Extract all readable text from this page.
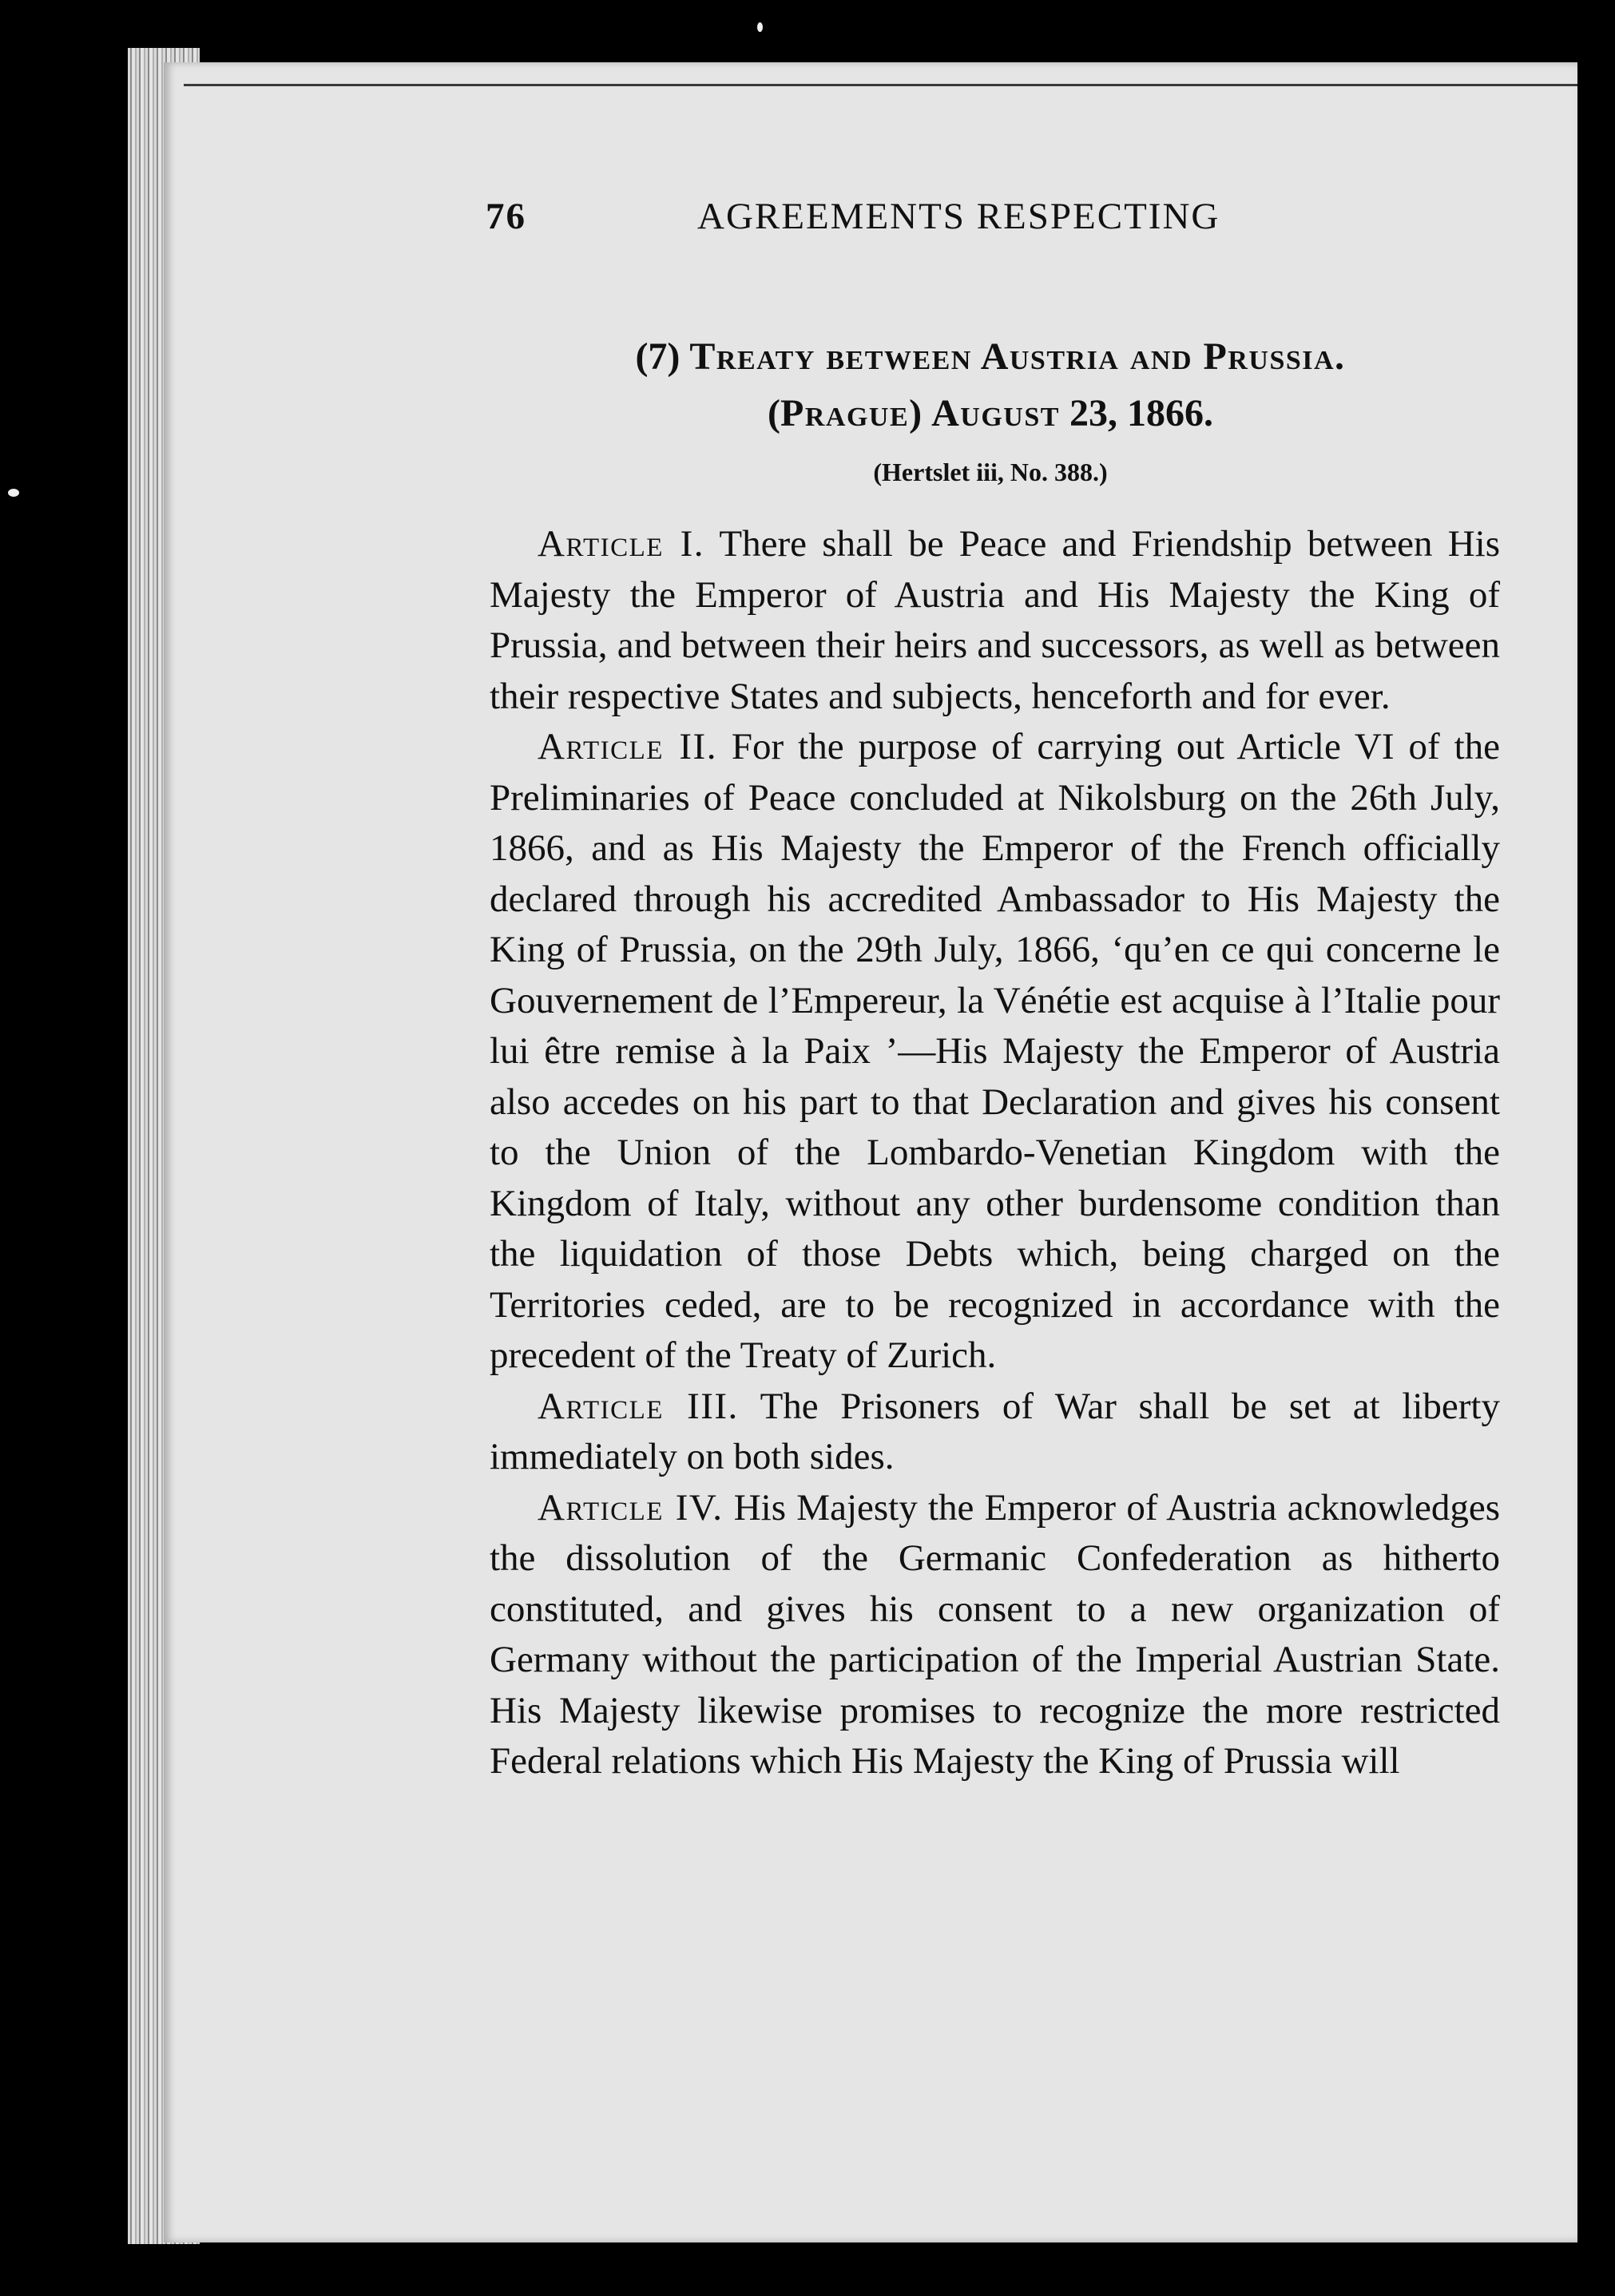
76	AGREEMENTS RESPECTING
(7) Treaty between Austria and Prussia.
(Prague) August 23, 1866.
(Hertslet iii, No. 388.)

Article I. There shall be Peace and Friendship between His Majesty the Emperor of Austria and His Majesty the King of Prussia, and between their heirs and successors, as well as between their respective States and subjects, henceforth and for ever.

Article II. For the purpose of carrying out Article VI of the Preliminaries of Peace concluded at Nikolsburg on the 26th July, 1866, and as His Majesty the Emperor of the French officially declared through his accredited Ambassador to His Majesty the King of Prussia, on the 29th July, 1866, ‘qu’en ce qui concerne le Gouvernement de l’Empereur, la Vénétie est acquise à l’Italie pour lui être remise à la Paix ’—His Majesty the Emperor of Austria also accedes on his part to that Declaration and gives his consent to the Union of the Lombardo-Venetian Kingdom with the Kingdom of Italy, without any other burdensome condition than the liquidation of those Debts which, being charged on the Territories ceded, are to be recognized in accordance with the precedent of the Treaty of Zurich.

Article III. The Prisoners of War shall be set at liberty immediately on both sides.

Article IV. His Majesty the Emperor of Austria acknowledges the dissolution of the Germanic Confederation as hitherto constituted, and gives his consent to a new organization of Germany without the participation of the Imperial Austrian State. His Majesty likewise promises to recognize the more restricted Federal relations which His Majesty the King of Prussia will
